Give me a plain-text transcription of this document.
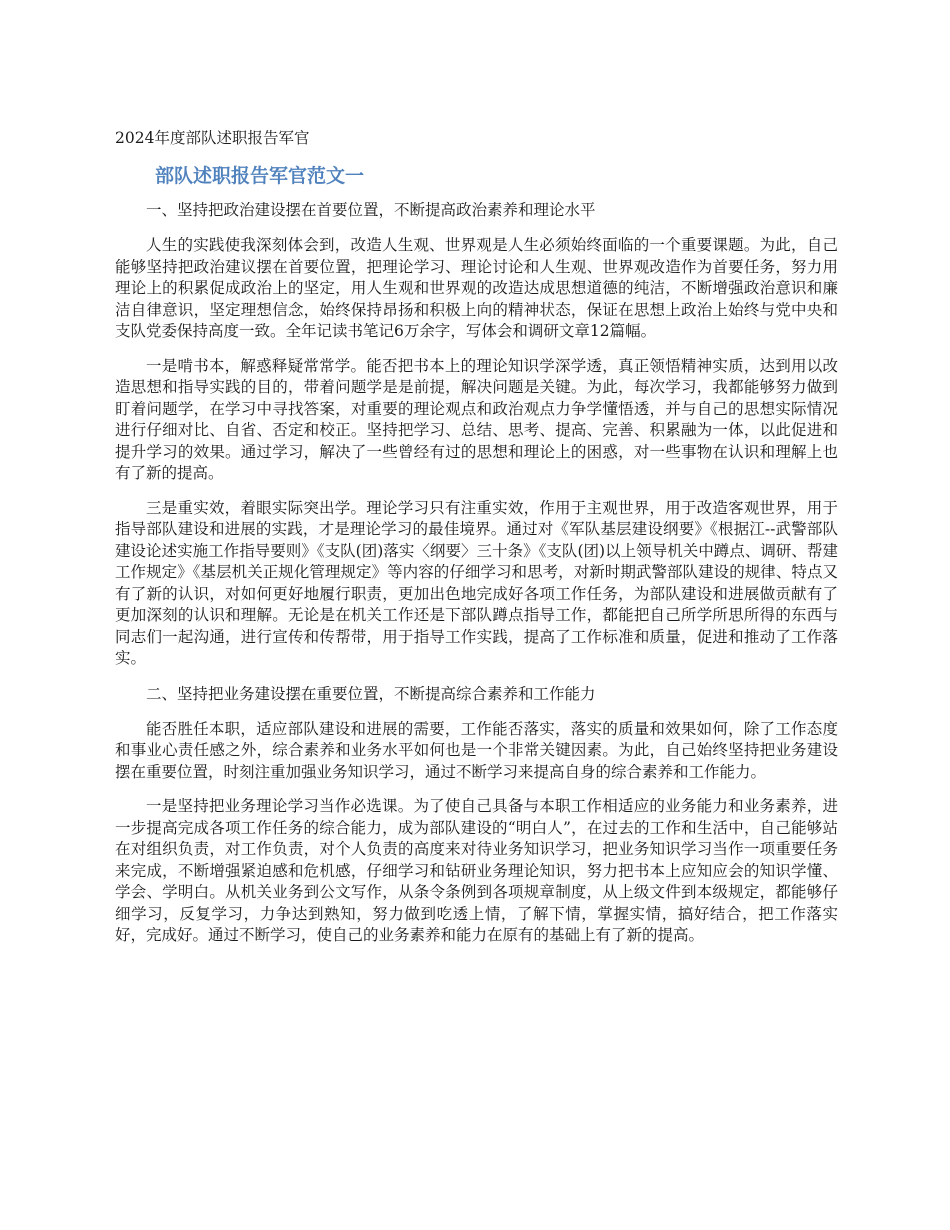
2024年度部队述职报告军官
部队述职报告军官范文一
一、坚持把政治建设摆在首要位置，不断提高政治素养和理论水平

人生的实践使我深刻体会到，改造人生观、世界观是人生必须始终面临的一个重要课题。为此，自己能够坚持把政治建议摆在首要位置，把理论学习、理论讨论和人生观、世界观改造作为首要任务，努力用理论上的积累促成政治上的坚定，用人生观和世界观的改造达成思想道德的纯洁，不断增强政治意识和廉洁自律意识，坚定理想信念，始终保持昂扬和积极上向的精神状态，保证在思想上政治上始终与党中央和支队党委保持高度一致。全年记读书笔记6万余字，写体会和调研文章12篇幅。

一是啃书本，解惑释疑常常学。能否把书本上的理论知识学深学透，真正领悟精神实质，达到用以改造思想和指导实践的目的，带着问题学是是前提，解决问题是关键。为此，每次学习，我都能够努力做到盯着问题学，在学习中寻找答案，对重要的理论观点和政治观点力争学懂悟透，并与自己的思想实际情况进行仔细对比、自省、否定和校正。坚持把学习、总结、思考、提高、完善、积累融为一体，以此促进和提升学习的效果。通过学习，解决了一些曾经有过的思想和理论上的困惑，对一些事物在认识和理解上也有了新的提高。

三是重实效，着眼实际突出学。理论学习只有注重实效，作用于主观世界，用于改造客观世界，用于指导部队建设和进展的实践，才是理论学习的最佳境界。通过对《军队基层建设纲要》《根据江--武警部队建设论述实施工作指导要则》《支队(团)落实〈纲要〉三十条》《支队(团)以上领导机关中蹲点、调研、帮建工作规定》《基层机关正规化管理规定》等内容的仔细学习和思考，对新时期武警部队建设的规律、特点又有了新的认识，对如何更好地履行职责，更加出色地完成好各项工作任务，为部队建设和进展做贡献有了更加深刻的认识和理解。无论是在机关工作还是下部队蹲点指导工作，都能把自己所学所思所得的东西与同志们一起沟通，进行宣传和传帮带，用于指导工作实践，提高了工作标准和质量，促进和推动了工作落实。

二、坚持把业务建设摆在重要位置，不断提高综合素养和工作能力

能否胜任本职，适应部队建设和进展的需要，工作能否落实，落实的质量和效果如何，除了工作态度和事业心责任感之外，综合素养和业务水平如何也是一个非常关键因素。为此，自己始终坚持把业务建设摆在重要位置，时刻注重加强业务知识学习，通过不断学习来提高自身的综合素养和工作能力。

一是坚持把业务理论学习当作必选课。为了使自己具备与本职工作相适应的业务能力和业务素养，进一步提高完成各项工作任务的综合能力，成为部队建设的“明白人”，在过去的工作和生活中，自己能够站在对组织负责，对工作负责，对个人负责的高度来对待业务知识学习，把业务知识学习当作一项重要任务来完成，不断增强紧迫感和危机感，仔细学习和钻研业务理论知识，努力把书本上应知应会的知识学懂、学会、学明白。从机关业务到公文写作，从条令条例到各项规章制度，从上级文件到本级规定，都能够仔细学习，反复学习，力争达到熟知，努力做到吃透上情，了解下情，掌握实情，搞好结合，把工作落实好，完成好。通过不断学习，使自己的业务素养和能力在原有的基础上有了新的提高。
